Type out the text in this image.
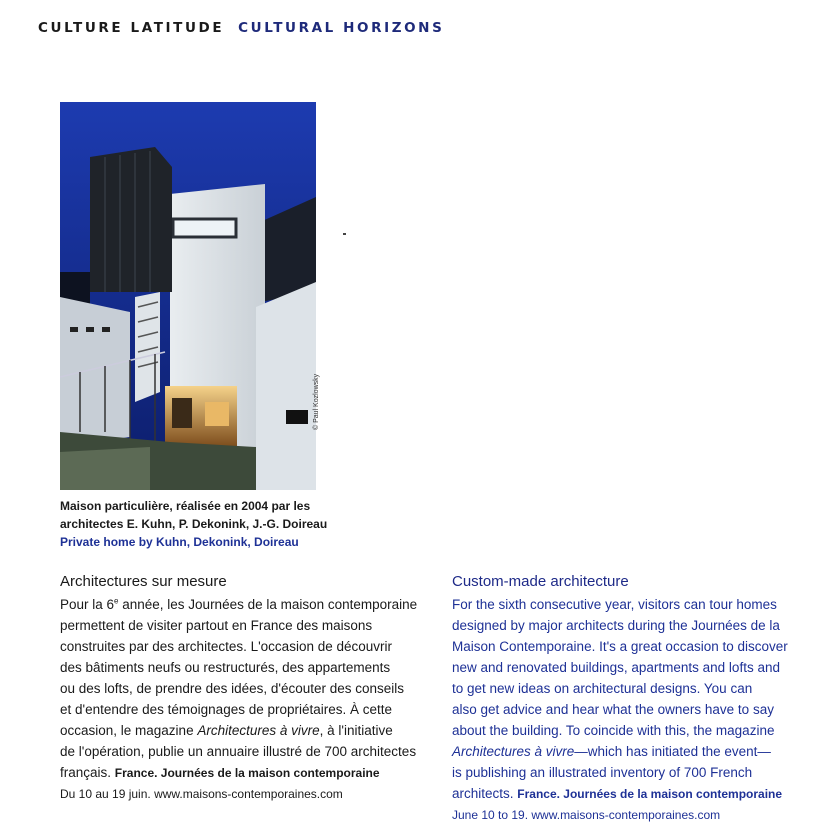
CULTURE LATITUDE CULTURAL HORIZONS
© Paul Kozlowsky
Maison particulière, réalisée en 2004 par les
architectes E. Kuhn, P. Dekonink, J.-G. Doireau
Private home by Kuhn, Dekonink, Doireau
Architectures sur mesure
Pour la 6e année, les Journées de la maison contemporaine
permettent de visiter partout en France des maisons
construites par des architectes. L'occasion de découvrir
des bâtiments neufs ou restructurés, des appartements
ou des lofts, de prendre des idées, d'écouter des conseils
et d'entendre des témoignages de propriétaires. À cette
occasion, le magazine Architectures à vivre, à l'initiative
de l'opération, publie un annuaire illustré de 700 architectes
français. France. Journées de la maison contemporaine
Du 10 au 19 juin. www.maisons-contemporaines.com
Custom-made architecture
For the sixth consecutive year, visitors can tour homes
designed by major architects during the Journées de la
Maison Contemporaine. It's a great occasion to discover
new and renovated buildings, apartments and lofts and
to get new ideas on architectural designs. You can
also get advice and hear what the owners have to say
about the building. To coincide with this, the magazine
Architectures à vivre—which has initiated the event—
is publishing an illustrated inventory of 700 French
architects. France. Journées de la maison contemporaine
June 10 to 19. www.maisons-contemporaines.com
